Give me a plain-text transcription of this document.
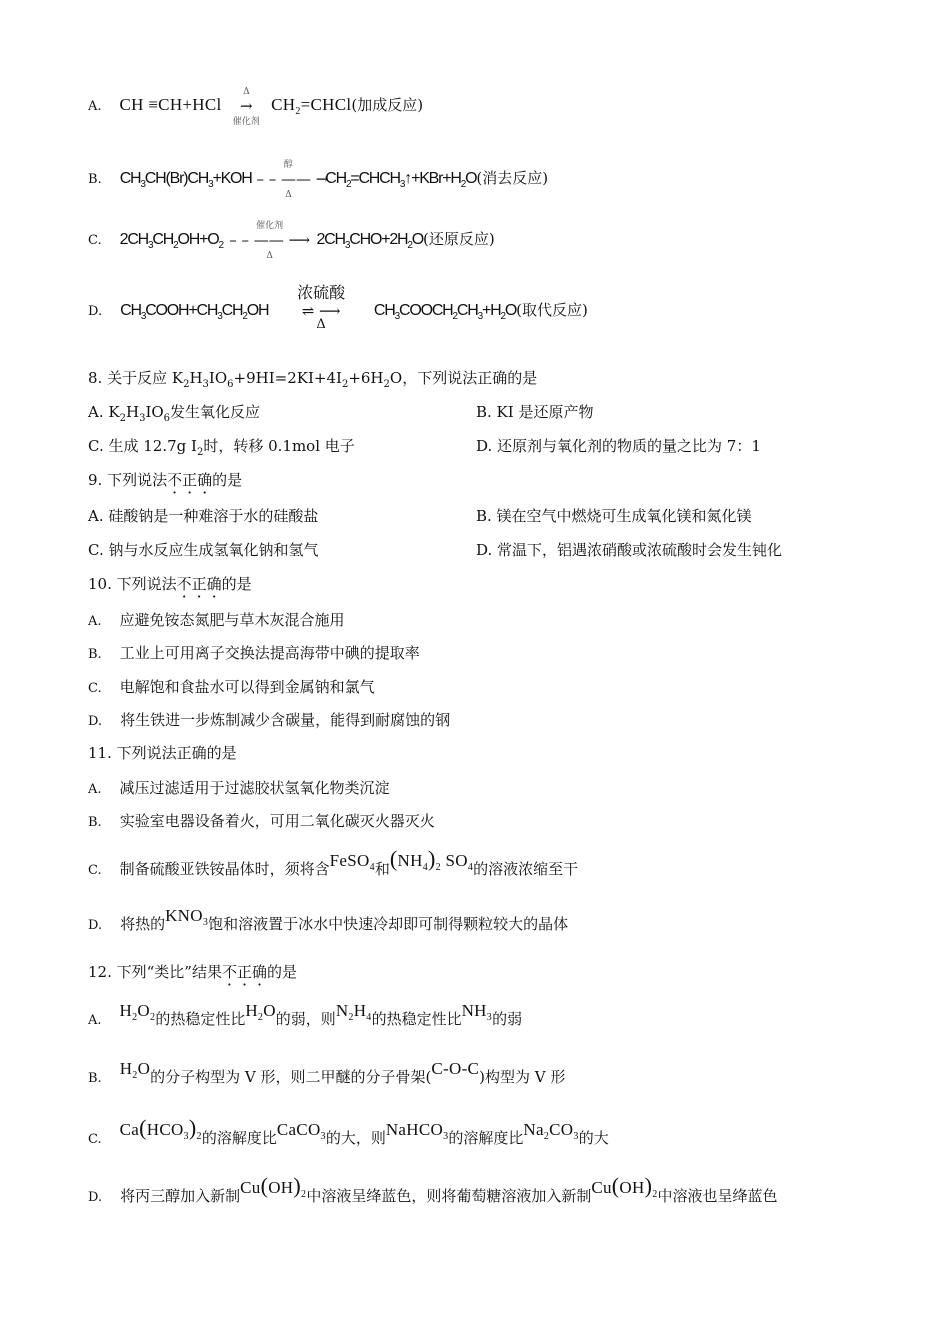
A. CH ≡CH+HCl
Δ
→
催化剂
$CH_2=CHCl$(加成反应)
B. $CH_3CH(Br)CH_3+KOH$
醇
– – —— →
Δ
$CH_2=CHCH_3↑+KBr+H_2O$(消去反应)
C. $2CH_3CH_2OH+O_2$
催化剂
– – —— ⟶
Δ
$2CH_3CHO+2H_2O$(还原反应)
D. $CH_3COOH+CH_3CH_2OH$
浓硫酸
⇌ ⟶
Δ
$CH_3COOCH_2CH_3+H_2O$(取代反应)
8. 关于反应 $K_2H_3IO_6+9HI=2KI+4I_2+6H_2O$，下列说法正确的是
A. $K_2H_3IO_6$发生氧化反应	B. KI 是还原产物
C. 生成 12.7g $I_2$时，转移 0.1mol 电子	D. 还原剂与氧化剂的物质的量之比为 7：1
9. 下列说法不正确的是
A. 硅酸钠是一种难溶于水的硅酸盐	B. 镁在空气中燃烧可生成氧化镁和氮化镁
C. 钠与水反应生成氢氧化钠和氢气	D. 常温下，铝遇浓硝酸或浓硫酸时会发生钝化
10. 下列说法不正确的是
A. 应避免铵态氮肥与草木灰混合施用
B. 工业上可用离子交换法提高海带中碘的提取率
C. 电解饱和食盐水可以得到金属钠和氯气
D. 将生铁进一步炼制减少含碳量，能得到耐腐蚀的钢
11. 下列说法正确的是
A. 减压过滤适用于过滤胶状氢氧化物类沉淀
B. 实验室电器设备着火，可用二氧化碳灭火器灭火
C. 制备硫酸亚铁铵晶体时，须将含FeSO$_4$和$(NH_4)_2$ $SO_4$的溶液浓缩至干
D. 将热的$KNO_3$饱和溶液置于冰水中快速冷却即可制得颗粒较大的晶体
12. 下列“类比”结果不正确的是
$A.H_2O_2$的热稳定性比$H_2O$的弱，则$N_2H_4$的热稳定性比$NH_3$的弱
$B.H_2O$的分子构型为 V 形，则二甲醚的分子骨架(C-O-C)构型为 V 形
$C.Ca(HCO_3)_2$的溶解度比CaCO$_3$的大，则NaHCO$_3$的溶解度比$Na_2CO_3$的大
D. 将丙三醇加入新制$Cu(OH)_2$中溶液呈绛蓝色，则将葡萄糖溶液加入新制$Cu(OH)_2$中溶液也呈绛蓝色
